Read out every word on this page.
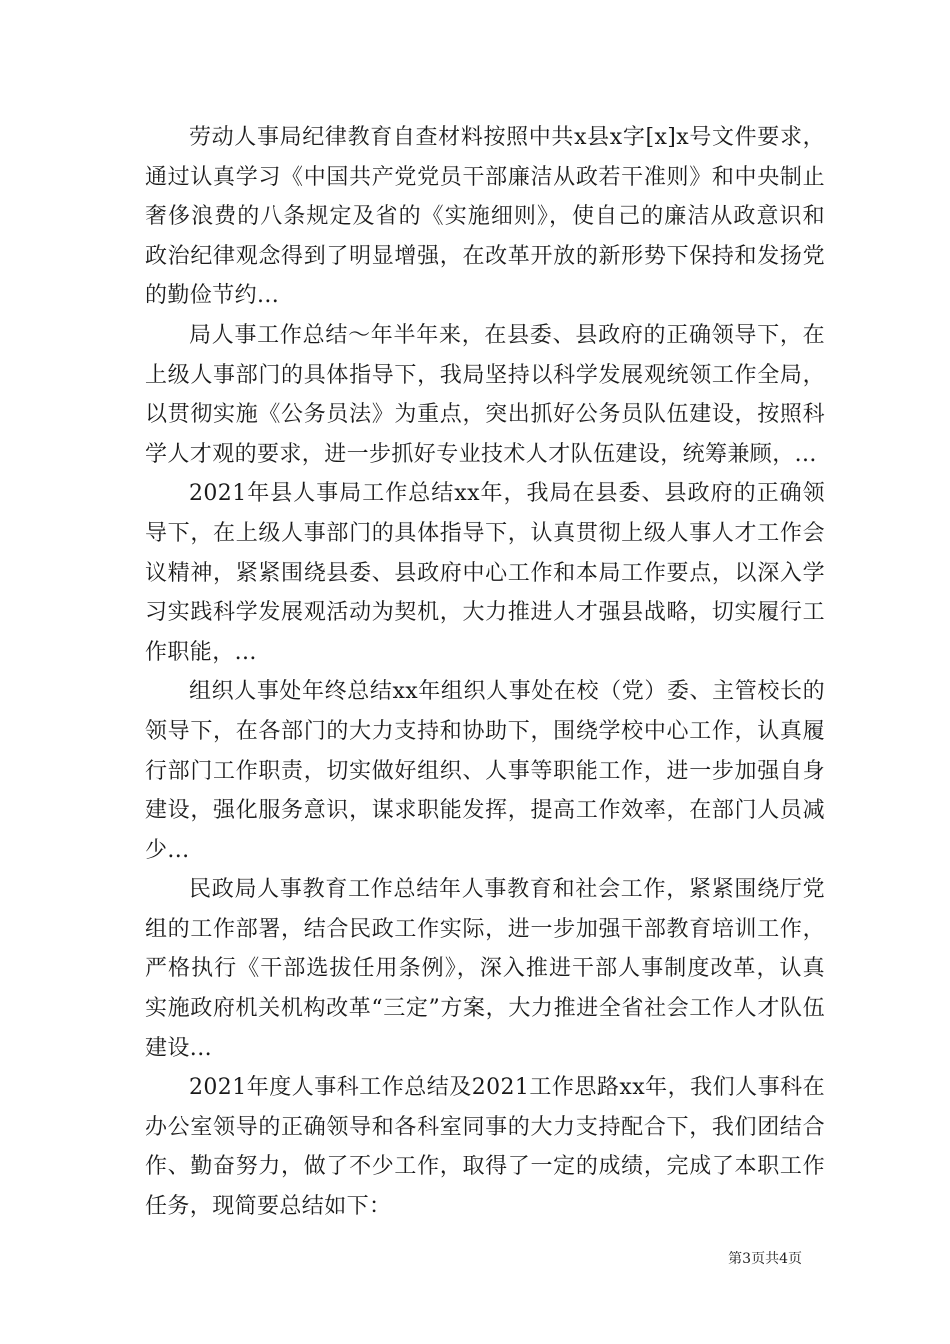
劳动人事局纪律教育自查材料按照中共x县x字[x]x号文件要求，通过认真学习《中国共产党党员干部廉洁从政若干准则》和中央制止奢侈浪费的八条规定及省的《实施细则》，使自己的廉洁从政意识和政治纪律观念得到了明显增强，在改革开放的新形势下保持和发扬党的勤俭节约...

局人事工作总结～年半年来，在县委、县政府的正确领导下，在上级人事部门的具体指导下，我局坚持以科学发展观统领工作全局，以贯彻实施《公务员法》为重点，突出抓好公务员队伍建设，按照科学人才观的要求，进一步抓好专业技术人才队伍建设，统筹兼顾，...

2021年县人事局工作总结xx年，我局在县委、县政府的正确领导下，在上级人事部门的具体指导下，认真贯彻上级人事人才工作会议精神，紧紧围绕县委、县政府中心工作和本局工作要点，以深入学习实践科学发展观活动为契机，大力推进人才强县战略，切实履行工作职能，...

组织人事处年终总结xx年组织人事处在校（党）委、主管校长的领导下，在各部门的大力支持和协助下，围绕学校中心工作，认真履行部门工作职责，切实做好组织、人事等职能工作，进一步加强自身建设，强化服务意识，谋求职能发挥，提高工作效率，在部门人员减少...

民政局人事教育工作总结年人事教育和社会工作，紧紧围绕厅党组的工作部署，结合民政工作实际，进一步加强干部教育培训工作，严格执行《干部选拔任用条例》，深入推进干部人事制度改革，认真实施政府机关机构改革“三定”方案，大力推进全省社会工作人才队伍建设...

2021年度人事科工作总结及2021工作思路xx年，我们人事科在办公室领导的正确领导和各科室同事的大力支持配合下，我们团结合作、勤奋努力，做了不少工作，取得了一定的成绩，完成了本职工作任务，现简要总结如下：

第3页共4页
